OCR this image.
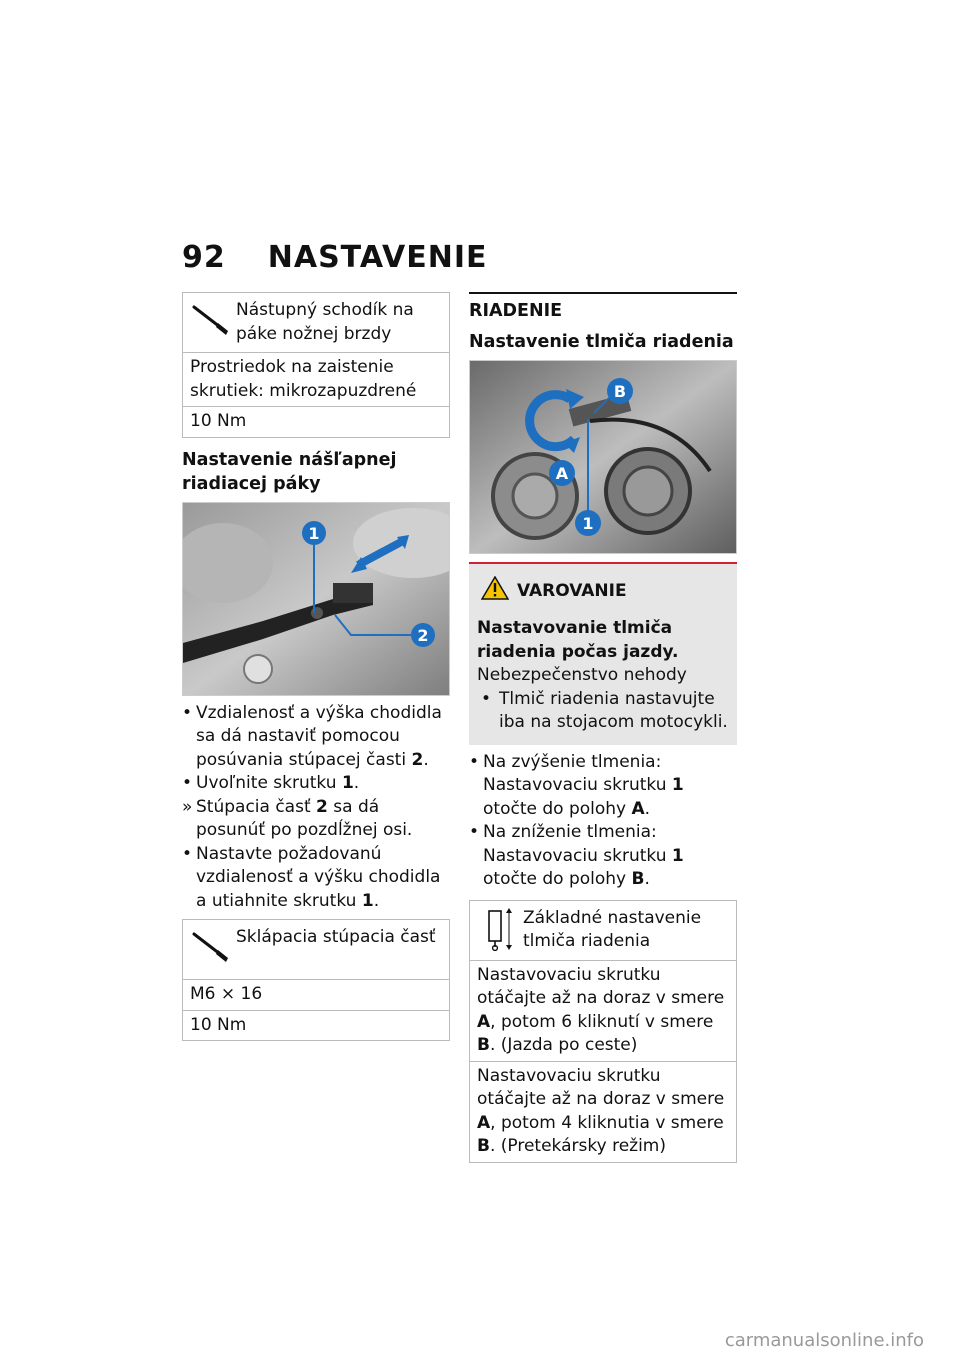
92 NASTAVENIE
Nástupný schodík na páke nožnej brzdy
Prostriedok na zaistenie skrutiek: mikrozapuzdrené
10 Nm
Nastavenie nášľapnej riadiacej páky
1
2
• Vzdialenosť a výška chodidla sa dá nastaviť pomocou posúvania stúpacej časti 2.
• Uvoľnite skrutku 1.
» Stúpacia časť 2 sa dá posunúť po pozdĺžnej osi.
• Nastavte požadovanú vzdialenosť a výšku chodidla a utiahnite skrutku 1.
Sklápacia stúpacia časť
M6 × 16
10 Nm
RIADENIE
Nastavenie tlmiča riadenia
B
A
1
VAROVANIE
Nastavovanie tlmiča riadenia počas jazdy.
Nebezpečenstvo nehody
• Tlmič riadenia nastavujte iba na stojacom motocykli.
• Na zvýšenie tlmenia: Nastavovaciu skrutku 1 otočte do polohy A.
• Na zníženie tlmenia: Nastavovaciu skrutku 1 otočte do polohy B.
Základné nastavenie tlmiča riadenia
Nastavovaciu skrutku otáčajte až na doraz v smere A, potom 6 kliknutí v smere B. (Jazda po ceste)
Nastavovaciu skrutku otáčajte až na doraz v smere A, potom 4 kliknutia v smere B. (Pretekársky režim)
carmanualsonline.info
